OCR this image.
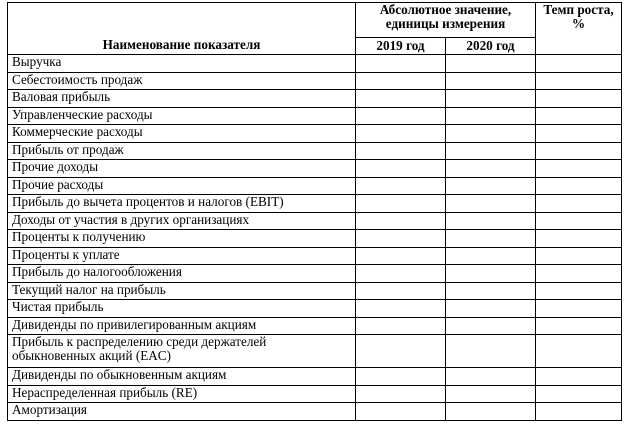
Наименование показателя	Абсолютное значение, единицы измерения		Темп роста, %
	2019 год	2020 год	
Выручка			
Себестоимость продаж			
Валовая прибыль			
Управленческие расходы			
Коммерческие расходы			
Прибыль от продаж			
Прочие доходы			
Прочие расходы			
Прибыль до вычета процентов и налогов (EBIT)			
Доходы от участия в других организациях			
Проценты к получению			
Проценты к уплате			
Прибыль до налогообложения			
Текущий налог на прибыль			
Чистая прибыль			
Дивиденды по привилегированным акциям			
Прибыль к распределению среди держателей обыкновенных акций (EAC)			
Дивиденды по обыкновенным акциям			
Нераспределенная прибыль (RE)			
Амортизация			
